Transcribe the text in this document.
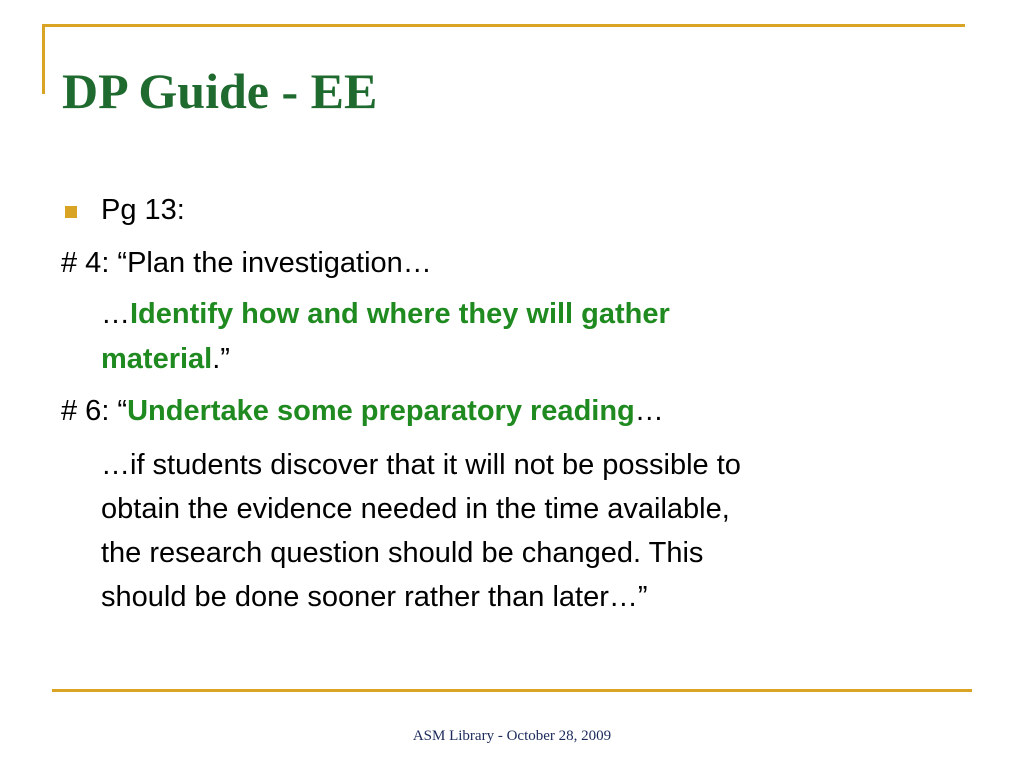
DP Guide - EE
Pg 13:
# 4: “Plan the investigation…
…Identify how and where they will gather
material.”
# 6: “Undertake some preparatory reading…
…if students discover that it will not be possible to
obtain the evidence needed in the time available,
the research question should be changed. This
should be done sooner rather than later…”
ASM Library - October 28, 2009
